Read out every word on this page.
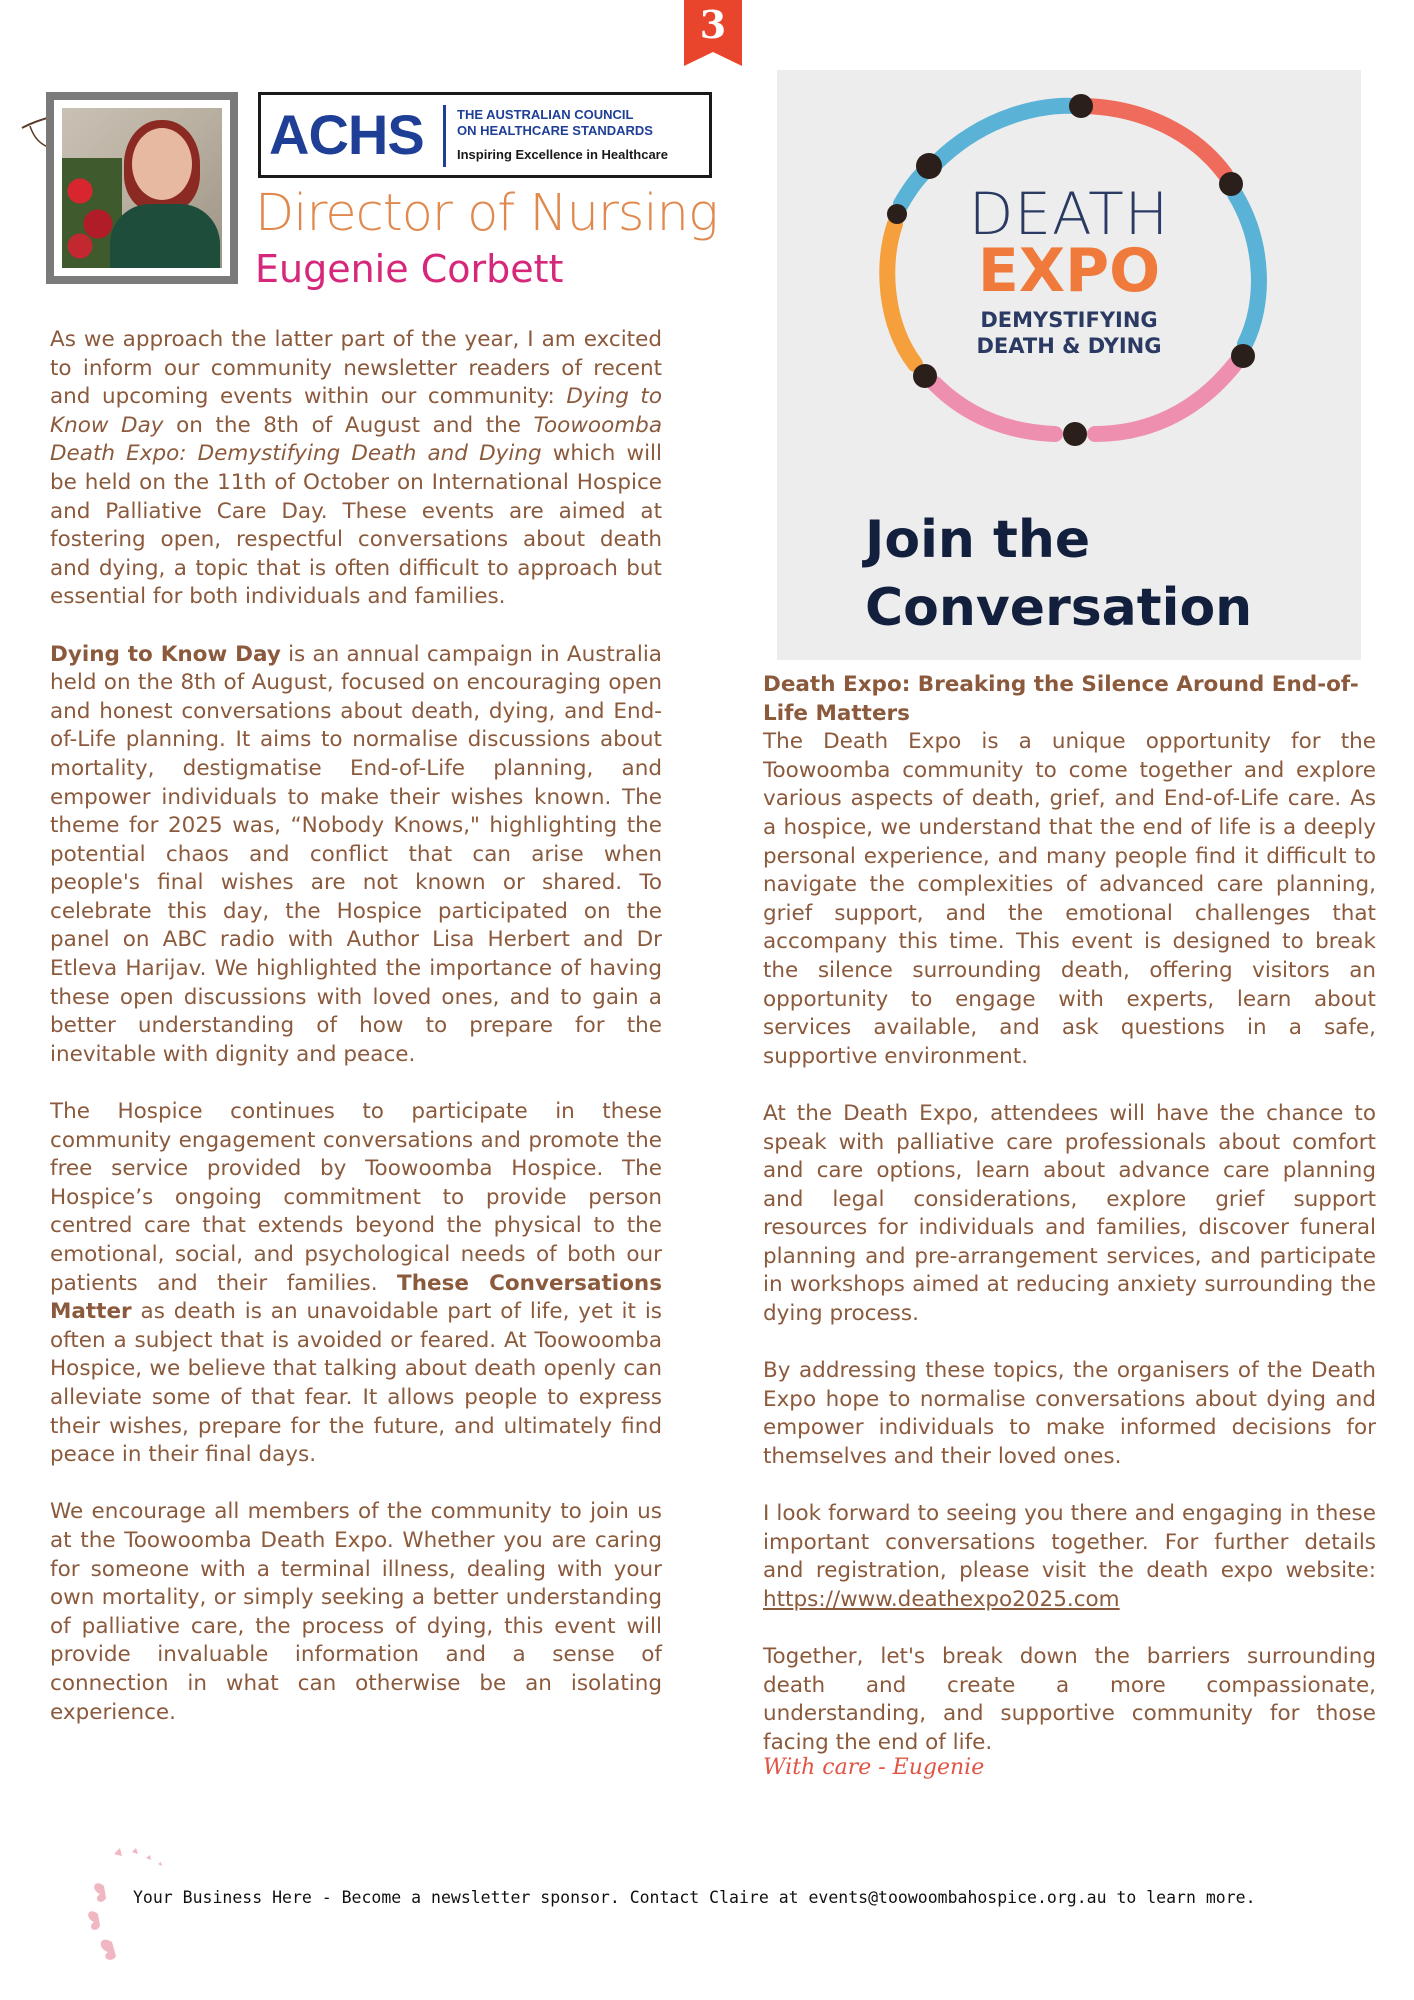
3
ACHS	THE AUSTRALIAN COUNCIL
ON HEALTHCARE STANDARDS
Inspiring Excellence in Healthcare
Director of Nursing
Eugenie Corbett
DEATH
EXPO
DEMYSTIFYING
DEATH & DYING
Join the
Conversation

As we approach the latter part of the year, I am excited to inform our community newsletter readers of recent and upcoming events within our community: Dying to Know Day on the 8th of August and the Toowoomba Death Expo: Demystifying Death and Dying which will be held on the 11th of October on International Hospice and Palliative Care Day. These events are aimed at fostering open, respectful conversations about death and dying, a topic that is often difficult to approach but essential for both individuals and families.

Dying to Know Day is an annual campaign in Australia held on the 8th of August, focused on encouraging open and honest conversations about death, dying, and End-of-Life planning. It aims to normalise discussions about mortality, destigmatise End-of-Life planning, and empower individuals to make their wishes known. The theme for 2025 was, “Nobody Knows," highlighting the potential chaos and conflict that can arise when people's final wishes are not known or shared. To celebrate this day, the Hospice participated on the panel on ABC radio with Author Lisa Herbert and Dr Etleva Harijav. We highlighted the importance of having these open discussions with loved ones, and to gain a better understanding of how to prepare for the inevitable with dignity and peace.

The Hospice continues to participate in these community engagement conversations and promote the free service provided by Toowoomba Hospice. The Hospice’s ongoing commitment to provide person centred care that extends beyond the physical to the emotional, social, and psychological needs of both our patients and their families. These Conversations Matter as death is an unavoidable part of life, yet it is often a subject that is avoided or feared. At Toowoomba Hospice, we believe that talking about death openly can alleviate some of that fear. It allows people to express their wishes, prepare for the future, and ultimately find peace in their final days.

We encourage all members of the community to join us at the Toowoomba Death Expo. Whether you are caring for someone with a terminal illness, dealing with your own mortality, or simply seeking a better understanding of palliative care, the process of dying, this event will provide invaluable information and a sense of connection in what can otherwise be an isolating experience.

Death Expo: Breaking the Silence Around End-of-Life Matters

The Death Expo is a unique opportunity for the Toowoomba community to come together and explore various aspects of death, grief, and End-of-Life care. As a hospice, we understand that the end of life is a deeply personal experience, and many people find it difficult to navigate the complexities of advanced care planning, grief support, and the emotional challenges that accompany this time. This event is designed to break the silence surrounding death, offering visitors an opportunity to engage with experts, learn about services available, and ask questions in a safe, supportive environment.

At the Death Expo, attendees will have the chance to speak with palliative care professionals about comfort and care options, learn about advance care planning and legal considerations, explore grief support resources for individuals and families, discover funeral planning and pre-arrangement services, and participate in workshops aimed at reducing anxiety surrounding the dying process.

By addressing these topics, the organisers of the Death Expo hope to normalise conversations about dying and empower individuals to make informed decisions for themselves and their loved ones.

I look forward to seeing you there and engaging in these important conversations together. For further details and registration, please visit the death expo website: https://www.deathexpo2025.com

Together, let's break down the barriers surrounding death and create a more compassionate, understanding, and supportive community for those facing the end of life.

With care - Eugenie
Your Business Here - Become a newsletter sponsor. Contact Claire at events@toowoombahospice.org.au to learn more.
